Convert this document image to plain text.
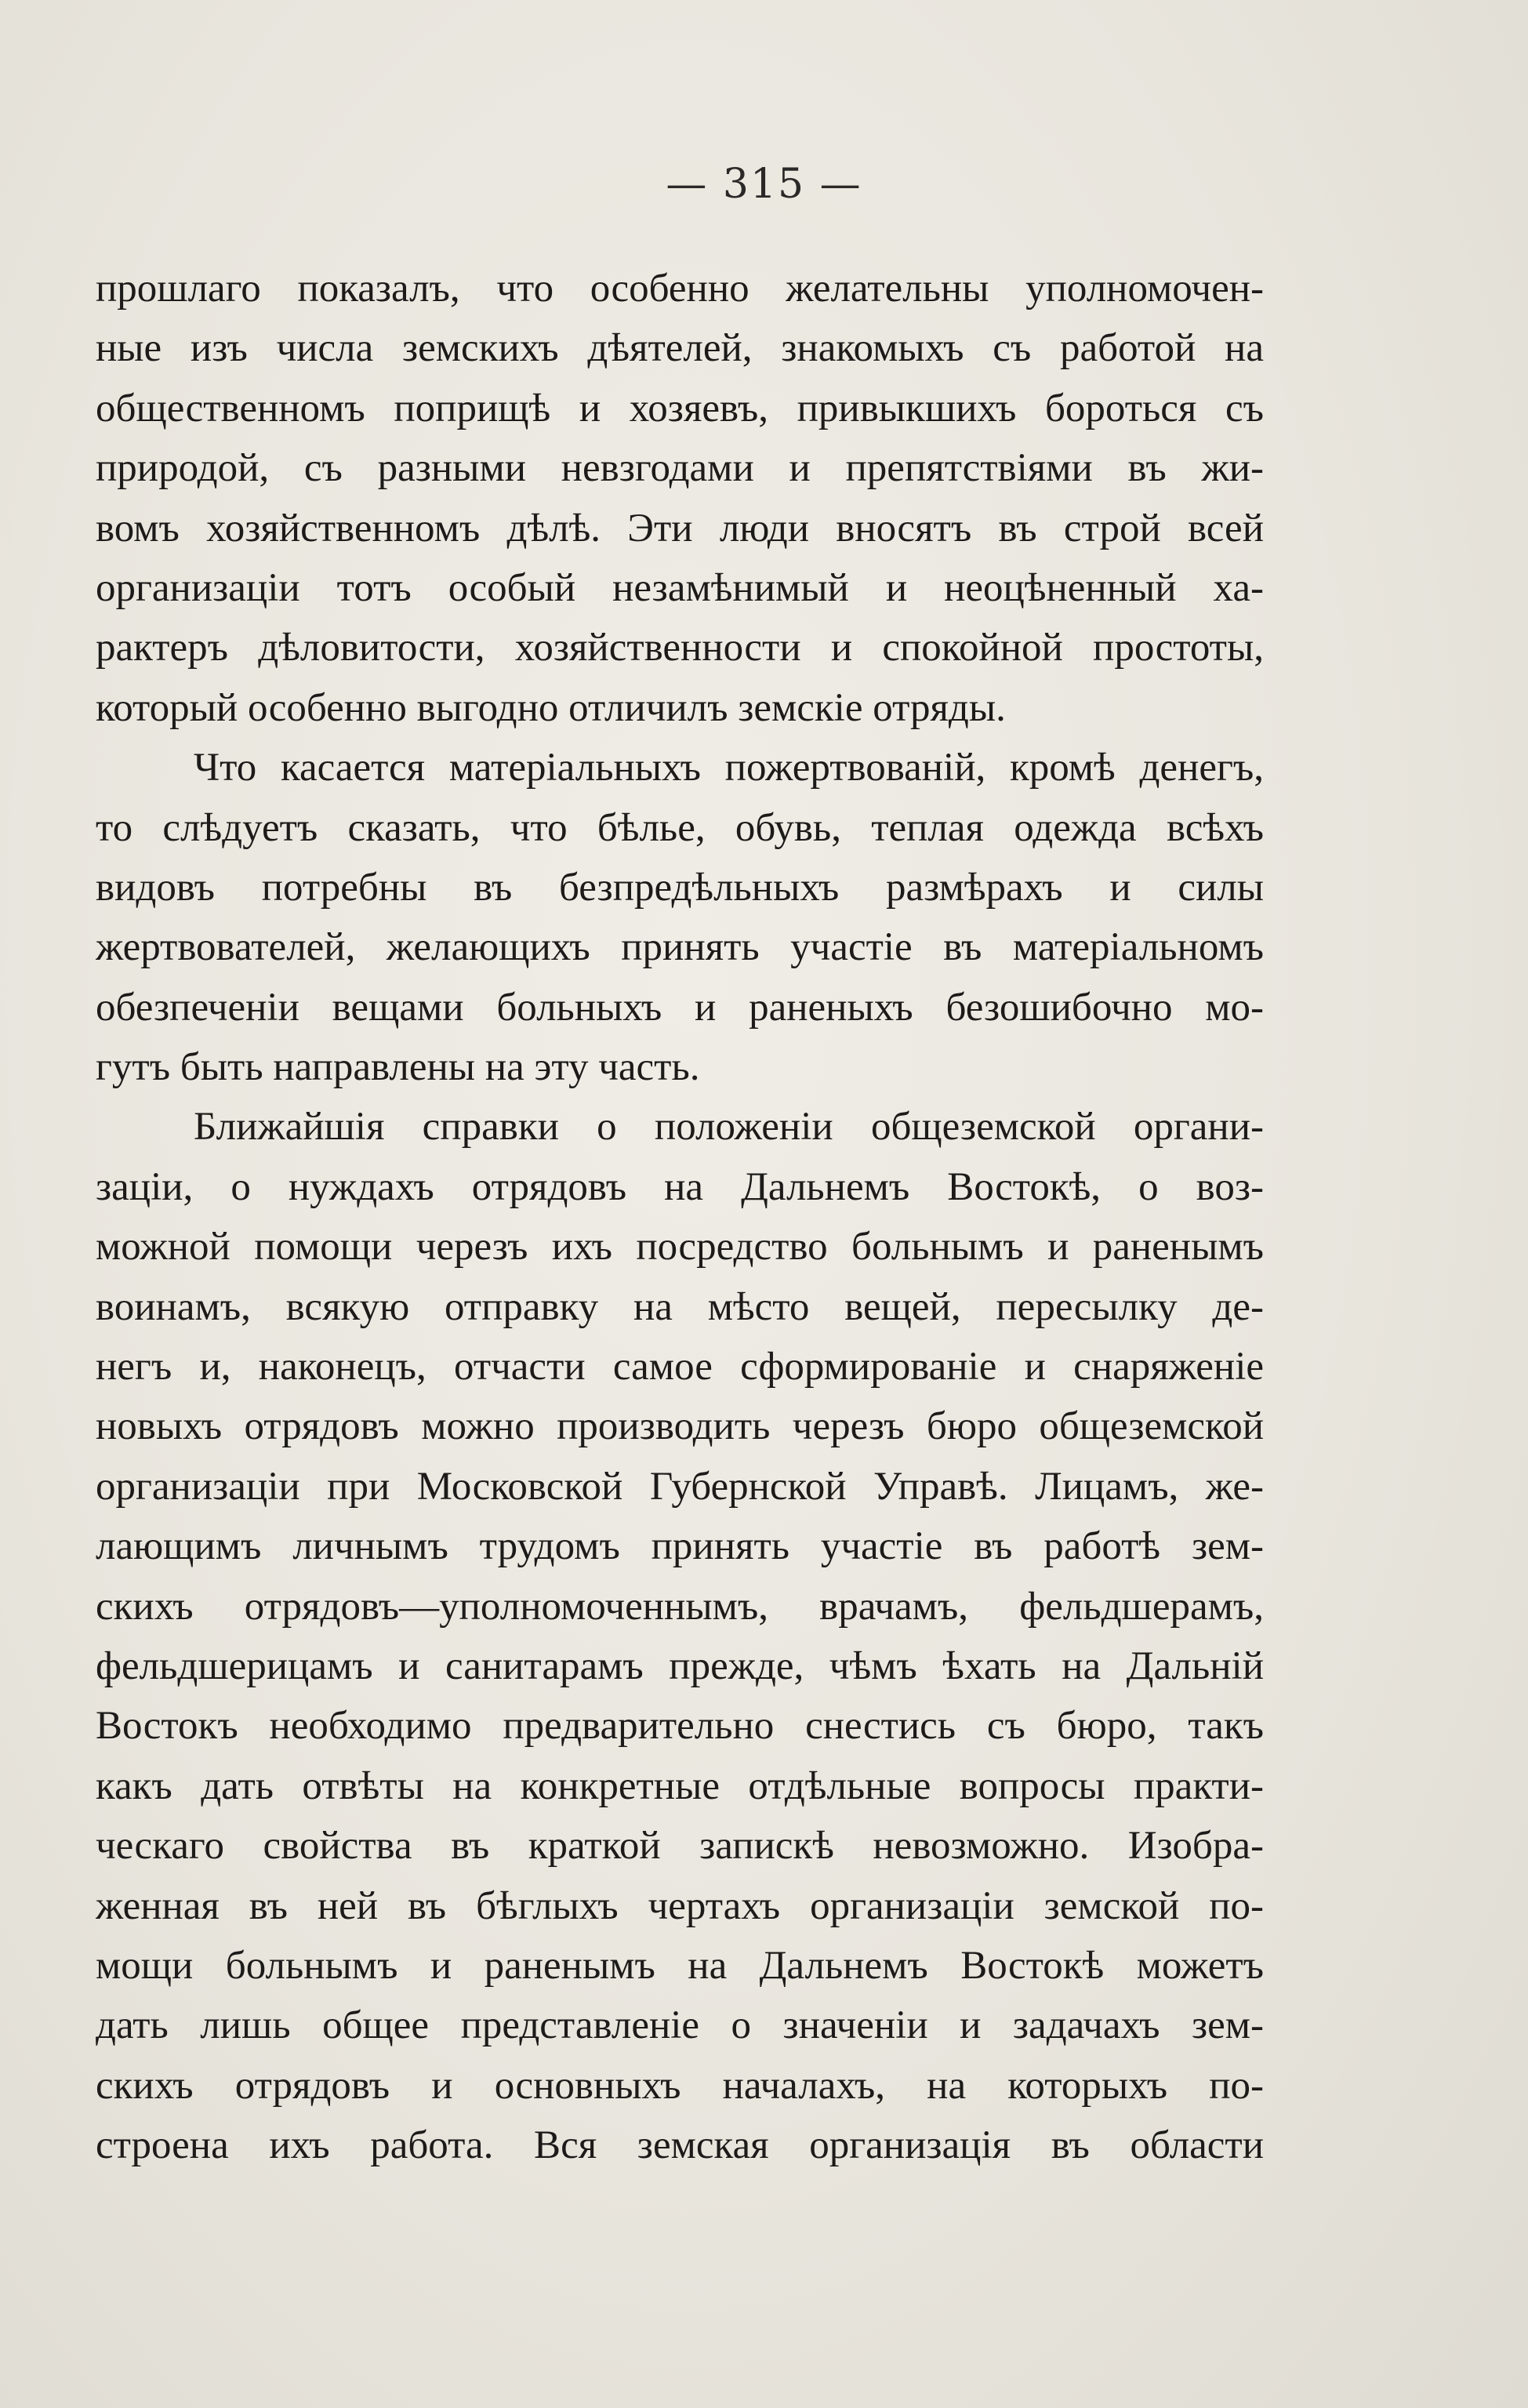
— 315 —
прошлаго показалъ, что особенно желательны уполномочен-
ные изъ числа земскихъ дѣятелей, знакомыхъ съ работой на
общественномъ поприщѣ и хозяевъ, привыкшихъ бороться съ
природой, съ разными невзгодами и препятствіями въ жи-
вомъ хозяйственномъ дѣлѣ. Эти люди вносятъ въ строй всей
организаціи тотъ особый незамѣнимый и неоцѣненный ха-
рактеръ дѣловитости, хозяйственности и спокойной простоты,
который особенно выгодно отличилъ земскіе отряды.
Что касается матеріальныхъ пожертвованій, кромѣ денегъ,
то слѣдуетъ сказать, что бѣлье, обувь, теплая одежда всѣхъ
видовъ потребны въ безпредѣльныхъ размѣрахъ и силы
жертвователей, желающихъ принять участіе въ матеріальномъ
обезпеченіи вещами больныхъ и раненыхъ безошибочно мо-
гутъ быть направлены на эту часть.
Ближайшія справки о положеніи общеземской органи-
заціи, о нуждахъ отрядовъ на Дальнемъ Востокѣ, о воз-
можной помощи черезъ ихъ посредство больнымъ и раненымъ
воинамъ, всякую отправку на мѣсто вещей, пересылку де-
негъ и, наконецъ, отчасти самое сформированіе и снаряженіе
новыхъ отрядовъ можно производить черезъ бюро общеземской
организаціи при Московской Губернской Управѣ. Лицамъ, же-
лающимъ личнымъ трудомъ принять участіе въ работѣ зем-
скихъ отрядовъ—уполномоченнымъ, врачамъ, фельдшерамъ,
фельдшерицамъ и санитарамъ прежде, чѣмъ ѣхать на Дальній
Востокъ необходимо предварительно снестись съ бюро, такъ
какъ дать отвѣты на конкретные отдѣльные вопросы практи-
ческаго свойства въ краткой запискѣ невозможно. Изобра-
женная въ ней въ бѣглыхъ чертахъ организаціи земской по-
мощи больнымъ и раненымъ на Дальнемъ Востокѣ можетъ
дать лишь общее представленіе о значеніи и задачахъ зем-
скихъ отрядовъ и основныхъ началахъ, на которыхъ по-
строена ихъ работа. Вся земская организація въ области
